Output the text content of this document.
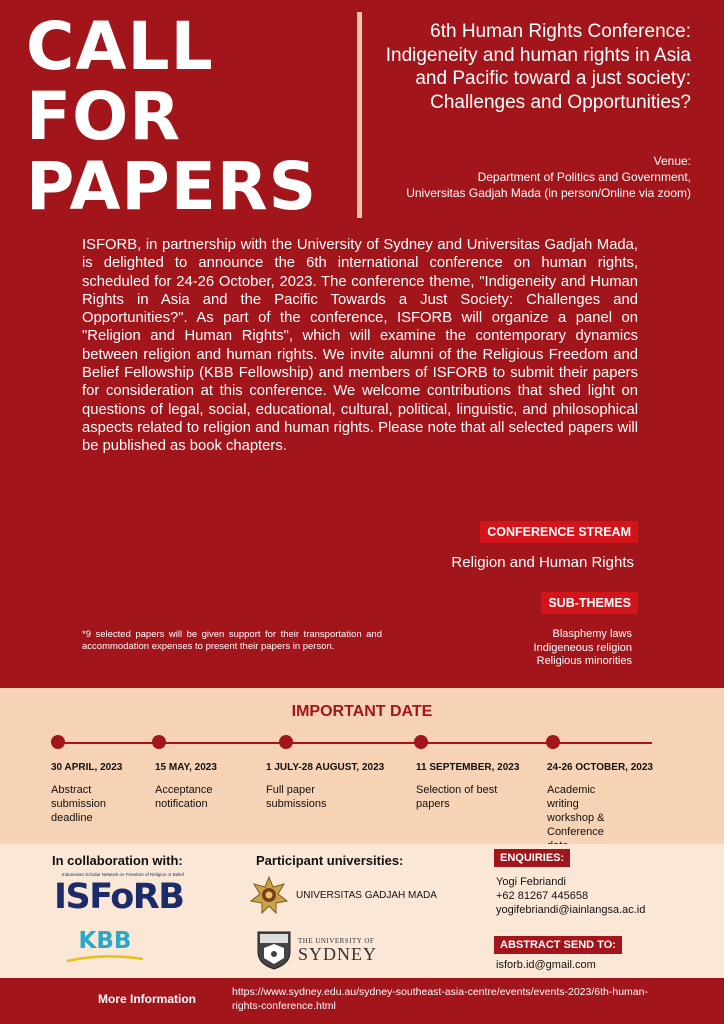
CALL
FOR
PAPERS
6th Human Rights Conference: Indigeneity and human rights in Asia and Pacific toward a just society: Challenges and Opportunities?
Venue:
Department of Politics and Government,
Universitas Gadjah Mada (in person/Online via zoom)

ISFORB, in partnership with the University of Sydney and Universitas Gadjah Mada, is delighted to announce the 6th international conference on human rights, scheduled for 24-26 October, 2023. The conference theme, "Indigeneity and Human Rights in Asia and the Pacific Towards a Just Society: Challenges and Opportunities?". As part of the conference, ISFORB will organize a panel on "Religion and Human Rights", which will examine the contemporary dynamics between religion and human rights. We invite alumni of the Religious Freedom and Belief Fellowship (KBB Fellowship) and members of ISFORB to submit their papers for consideration at this conference. We welcome contributions that shed light on questions of legal, social, educational, cultural, political, linguistic, and philosophical aspects related to religion and human rights. Please note that all selected papers will be published as book chapters.

CONFERENCE STREAM
Religion and Human Rights
SUB-THEMES
Blasphemy laws
Indigeneous religion
Religious minorities
*9 selected papers will be given support for their transportation and accommodation expenses to present their papers in person.
IMPORTANT DATE
30 APRIL, 2023
Abstract submission deadline
15 MAY, 2023
Acceptance notification
1 JULY-28 AUGUST, 2023
Full paper submissions
11 SEPTEMBER, 2023
Selection of best papers
24-26 OCTOBER, 2023
Academic writing workshop & Conference
In collaboration with:
Indonesian Scholar Network on Freedom of Religion or Belief
ISFoRB
KBB
Participant universities:
UNIVERSITAS GADJAH MADA
THE UNIVERSITY OF
SYDNEY
ENQUIRIES:
Yogi Febriandi
+62 81267 445658
yogifebriandi@iainlangsa.ac.id
ABSTRACT SEND TO:
isforb.id@gmail.com
More Information	https://www.sydney.edu.au/sydney-southeast-asia-centre/events/events-2023/6th-human-rights-conference.html
